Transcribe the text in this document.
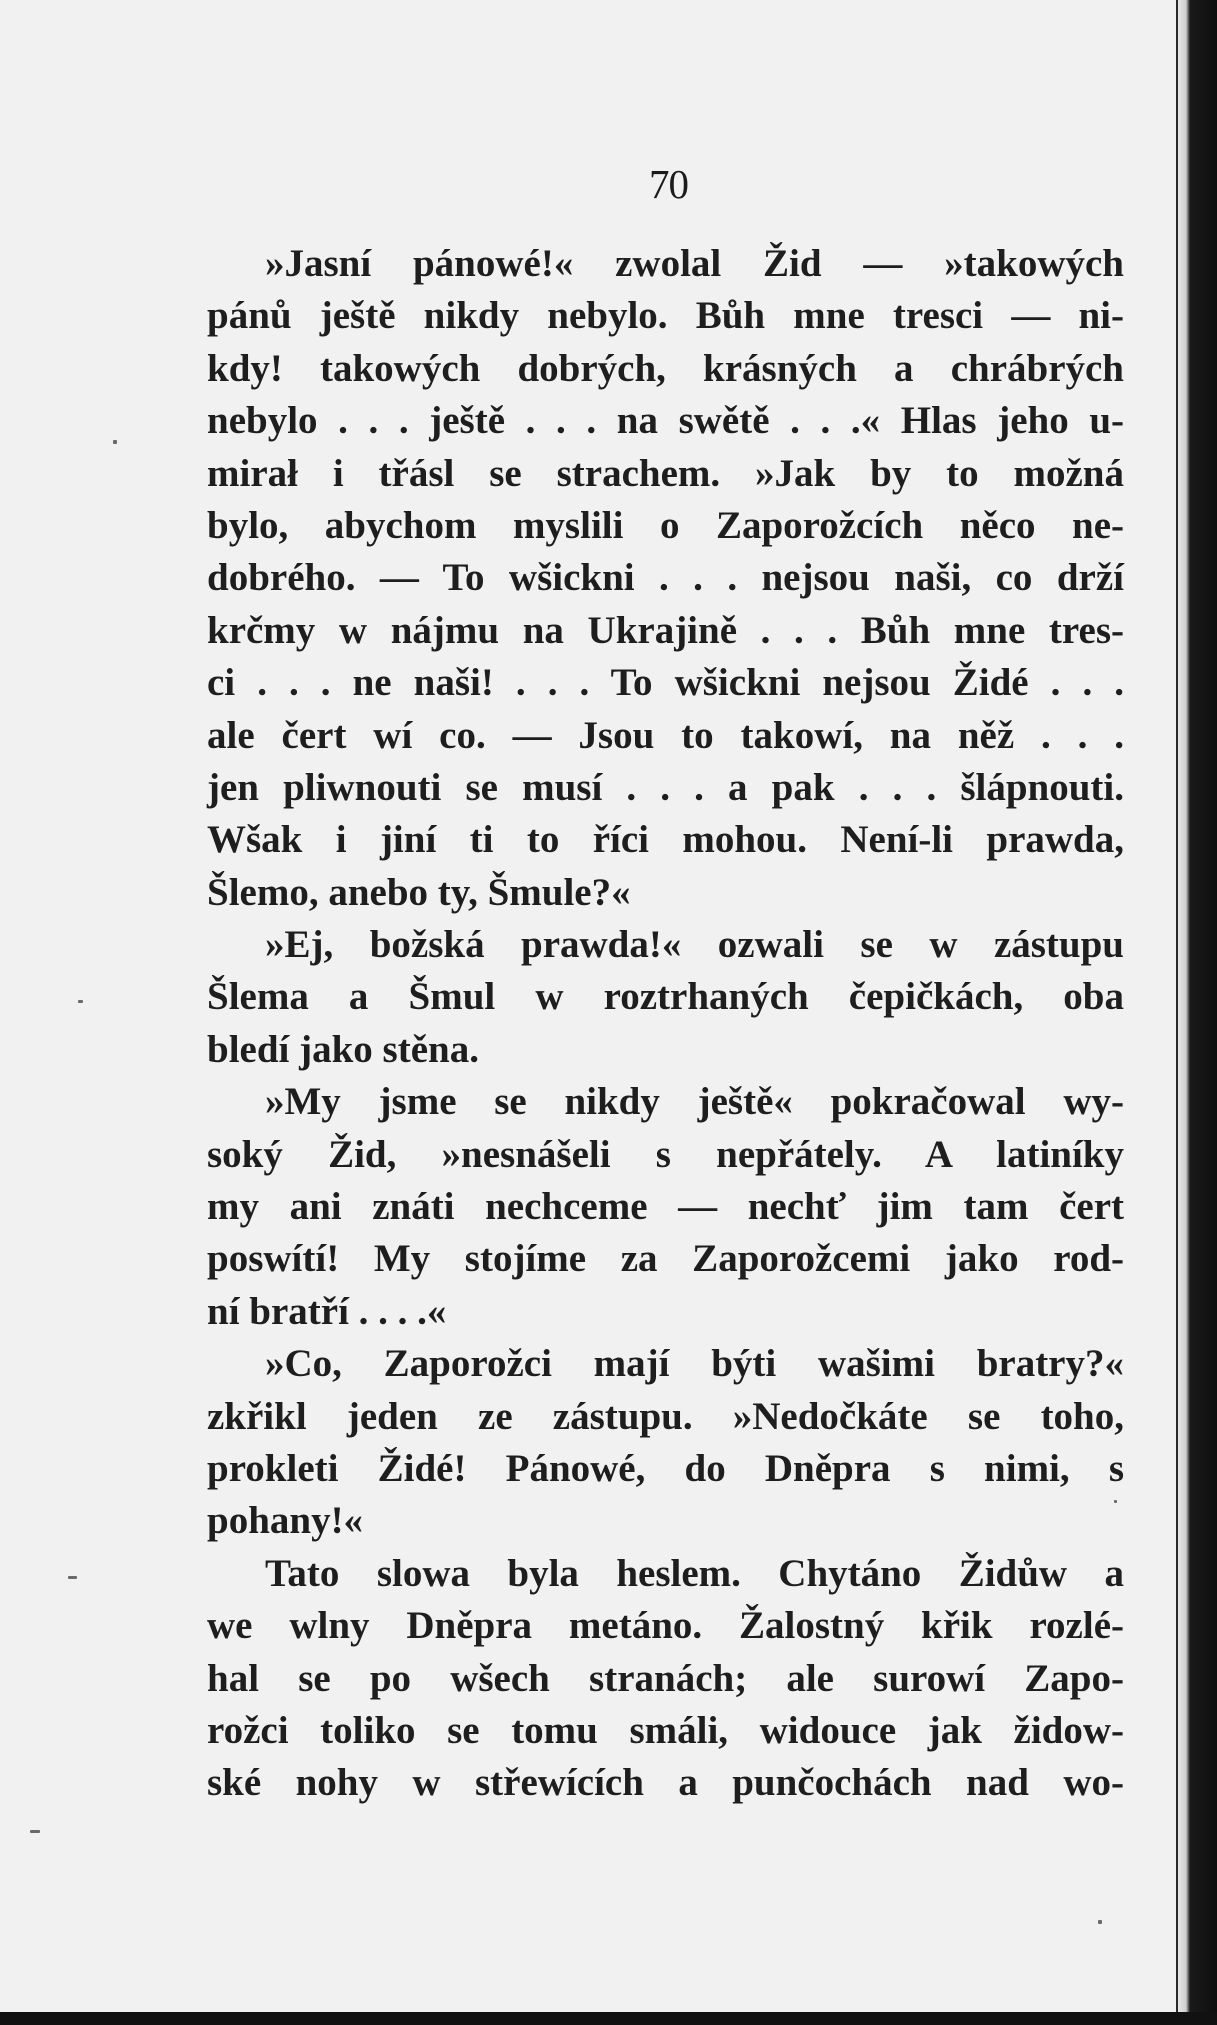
70
»Jasní pánowé!« zwolal Žid — »takowých
pánů ještě nikdy nebylo. Bůh mne tresci — ni-
kdy! takowých dobrých, krásných a chrábrých
nebylo . . . ještě . . . na swětě . . .« Hlas jeho u-
mirał i třásl se strachem. »Jak by to možná
bylo, abychom myslili o Zaporožcích něco ne-
dobrého. — To wšickni . . . nejsou naši, co drží
krčmy w nájmu na Ukrajině . . . Bůh mne tres-
ci . . . ne naši! . . . To wšickni nejsou Židé . . .
ale čert wí co. — Jsou to takowí, na něž . . .
jen pliwnouti se musí . . . a pak . . . šlápnouti.
Wšak i jiní ti to říci mohou. Není-li prawda,
Šlemo, anebo ty, Šmule?«
»Ej, božská prawda!« ozwali se w zástupu
Šlema a Šmul w roztrhaných čepičkách, oba
bledí jako stěna.
»My jsme se nikdy ještě« pokračowal wy-
soký Žid, »nesnášeli s nepřátely. A latiníky
my ani znáti nechceme — nechť jim tam čert
poswítí! My stojíme za Zaporožcemi jako rod-
ní bratří . . . .«
»Co, Zaporožci mají býti wašimi bratry?«
zkřikl jeden ze zástupu. »Nedočkáte se toho,
prokleti Židé! Pánowé, do Dněpra s nimi, s
pohany!«
Tato slowa byla heslem. Chytáno Židůw a
we wlny Dněpra metáno. Žalostný křik rozlé-
hal se po wšech stranách; ale surowí Zapo-
rožci toliko se tomu smáli, widouce jak židow-
ské nohy w střewících a punčochách nad wo-
